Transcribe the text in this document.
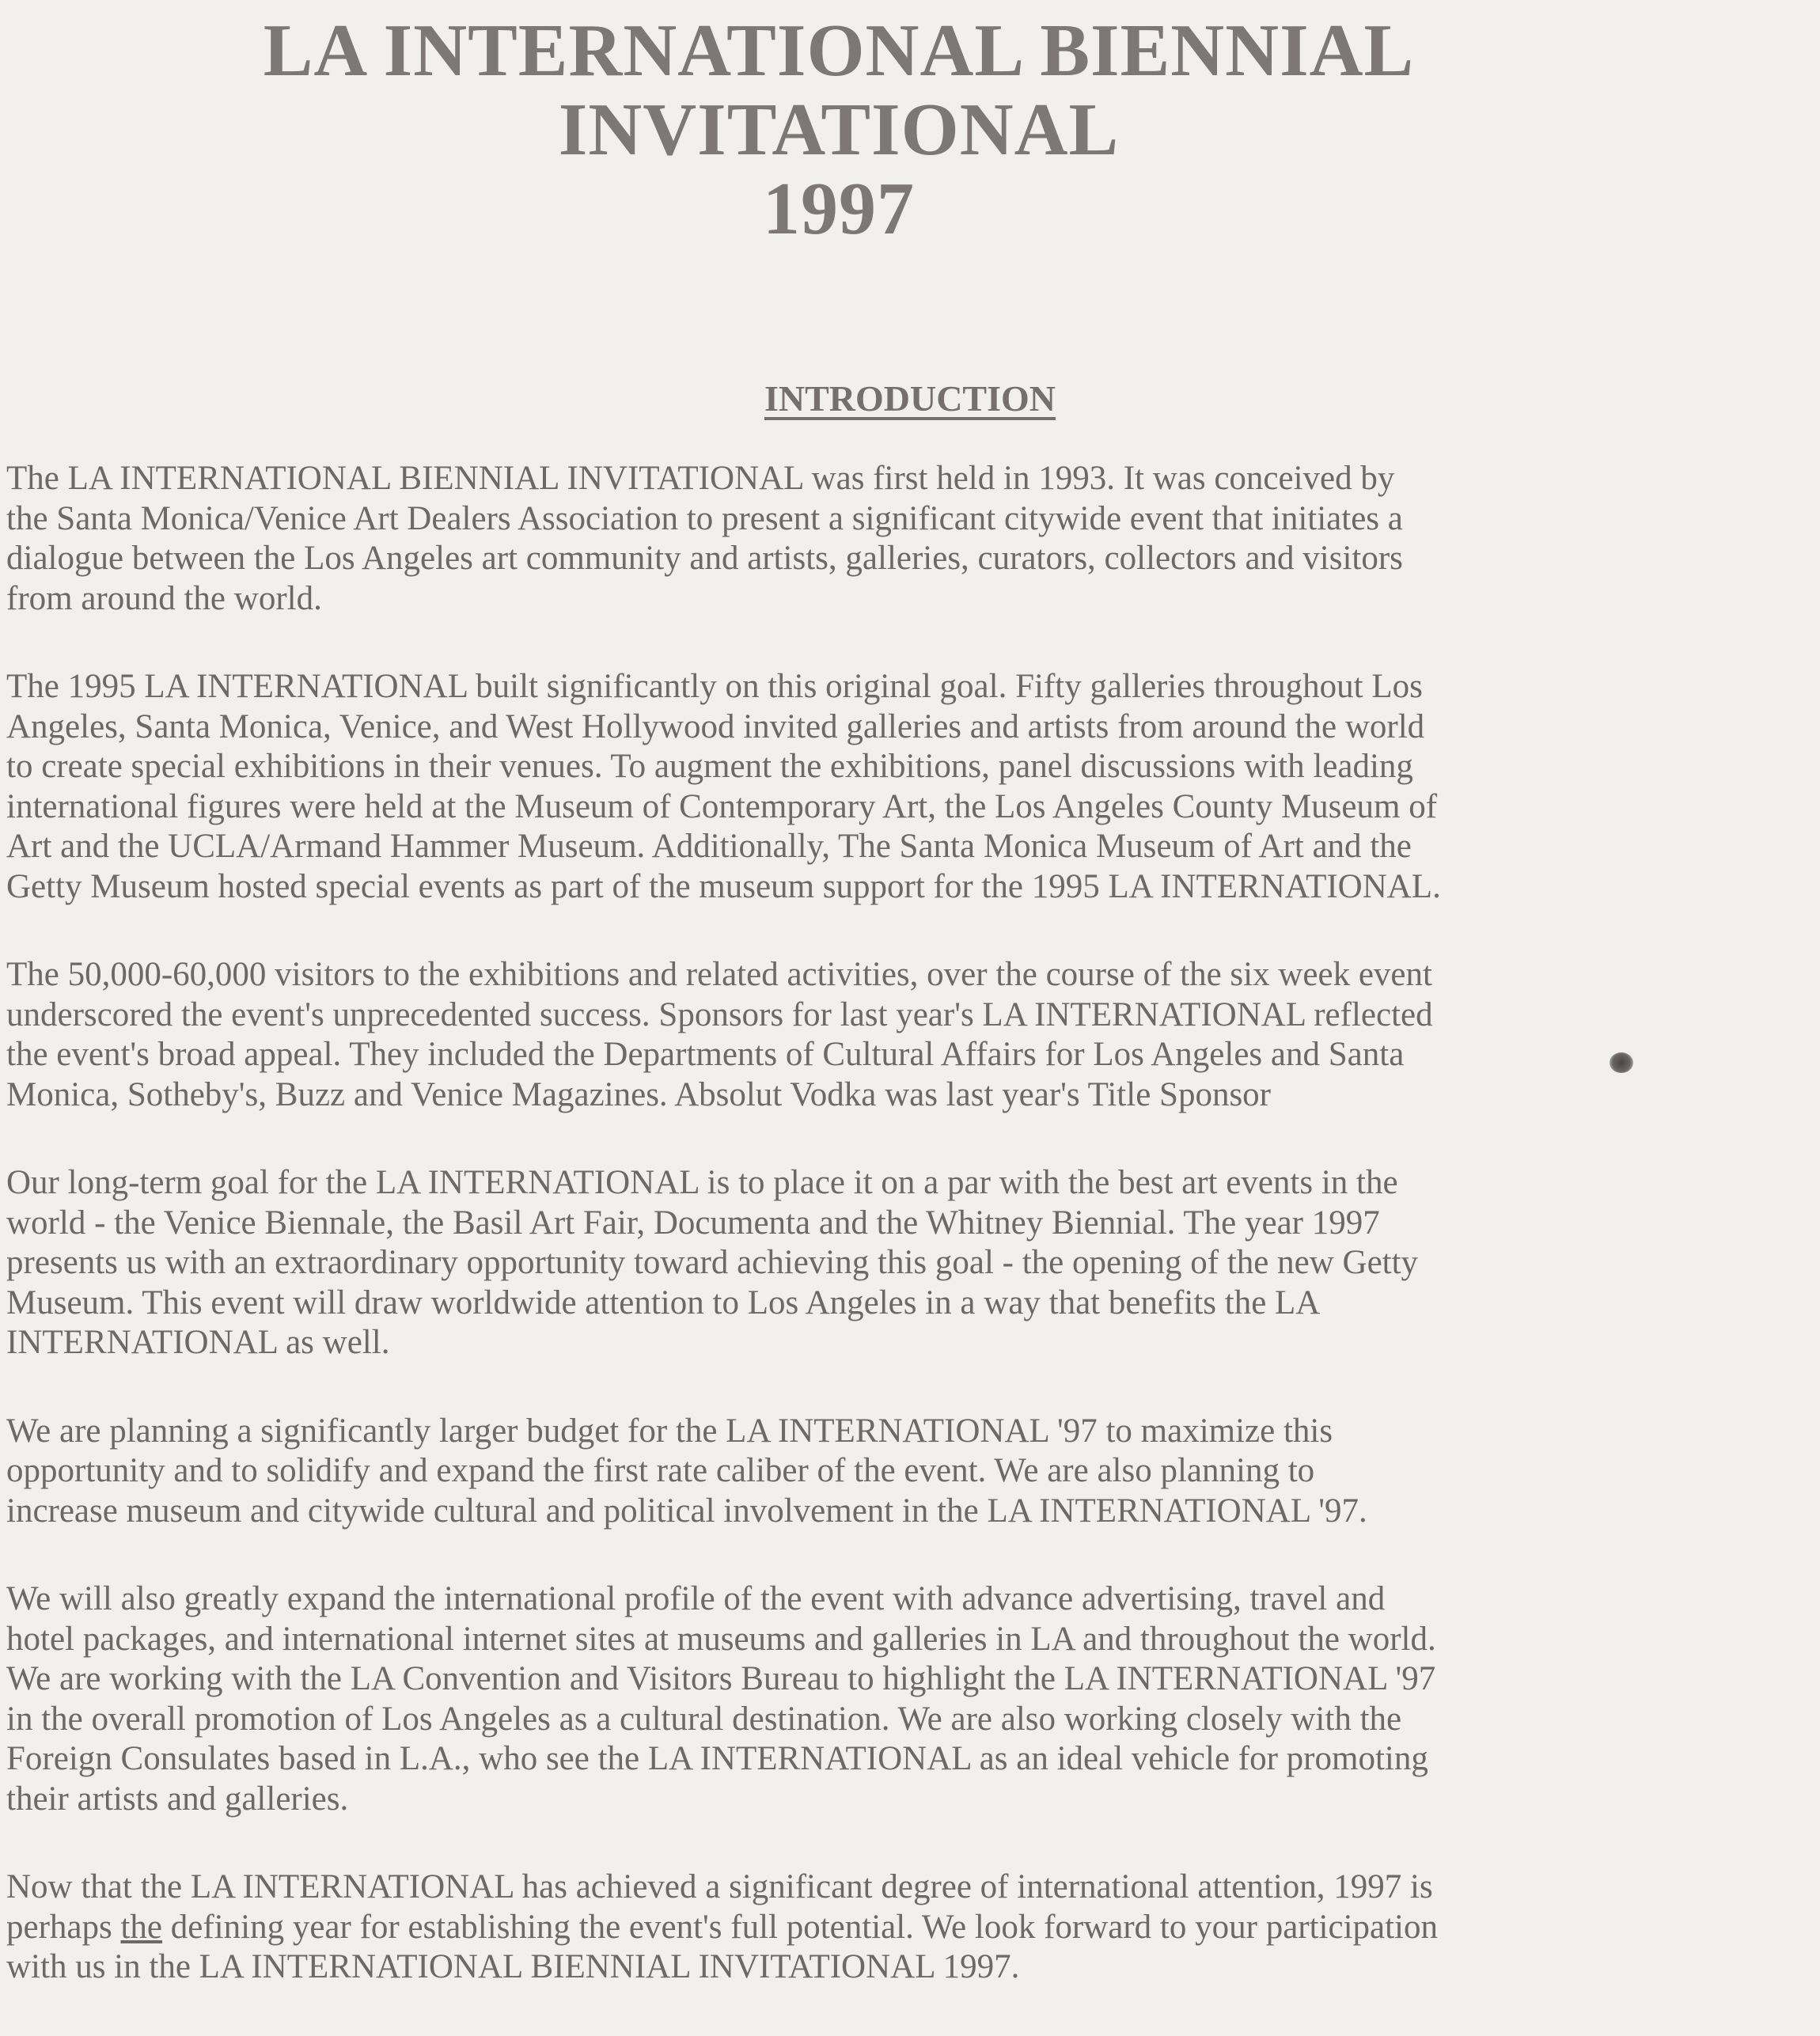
LA INTERNATIONAL BIENNIAL
INVITATIONAL
1997
INTRODUCTION
The LA INTERNATIONAL BIENNIAL INVITATIONAL was first held in 1993. It was conceived by
the Santa Monica/Venice Art Dealers Association to present a significant citywide event that initiates a
dialogue between the Los Angeles art community and artists, galleries, curators, collectors and visitors
from around the world.
The 1995 LA INTERNATIONAL built significantly on this original goal. Fifty galleries throughout Los
Angeles, Santa Monica, Venice, and West Hollywood invited galleries and artists from around the world
to create special exhibitions in their venues. To augment the exhibitions, panel discussions with leading
international figures were held at the Museum of Contemporary Art, the Los Angeles County Museum of
Art and the UCLA/Armand Hammer Museum. Additionally, The Santa Monica Museum of Art and the
Getty Museum hosted special events as part of the museum support for the 1995 LA INTERNATIONAL.
The 50,000-60,000 visitors to the exhibitions and related activities, over the course of the six week event
underscored the event's unprecedented success. Sponsors for last year's LA INTERNATIONAL reflected
the event's broad appeal. They included the Departments of Cultural Affairs for Los Angeles and Santa
Monica, Sotheby's, Buzz and Venice Magazines. Absolut Vodka was last year's Title Sponsor
Our long-term goal for the LA INTERNATIONAL is to place it on a par with the best art events in the
world - the Venice Biennale, the Basil Art Fair, Documenta and the Whitney Biennial. The year 1997
presents us with an extraordinary opportunity toward achieving this goal - the opening of the new Getty
Museum. This event will draw worldwide attention to Los Angeles in a way that benefits the LA
INTERNATIONAL as well.
We are planning a significantly larger budget for the LA INTERNATIONAL '97 to maximize this
opportunity and to solidify and expand the first rate caliber of the event. We are also planning to
increase museum and citywide cultural and political involvement in the LA INTERNATIONAL '97.
We will also greatly expand the international profile of the event with advance advertising, travel and
hotel packages, and international internet sites at museums and galleries in LA and throughout the world.
We are working with the LA Convention and Visitors Bureau to highlight the LA INTERNATIONAL '97
in the overall promotion of Los Angeles as a cultural destination. We are also working closely with the
Foreign Consulates based in L.A., who see the LA INTERNATIONAL as an ideal vehicle for promoting
their artists and galleries.
Now that the LA INTERNATIONAL has achieved a significant degree of international attention, 1997 is
perhaps the defining year for establishing the event's full potential. We look forward to your participation
with us in the LA INTERNATIONAL BIENNIAL INVITATIONAL 1997.
